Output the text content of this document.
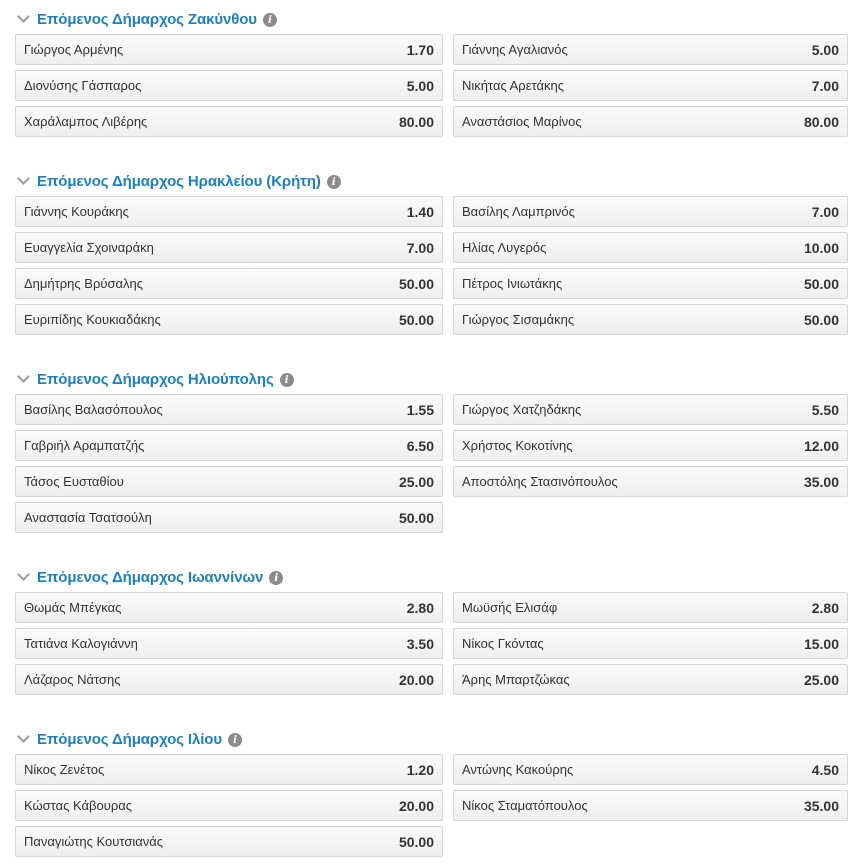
Επόμενος Δήμαρχος Ζακύνθου	i
Γιώργος Αρμένης	1.70
Διονύσης Γάσπαρος	5.00
Χαράλαμπος Λιβέρης	80.00
Γιάννης Αγαλιανός	5.00
Νικήτας Αρετάκης	7.00
Αναστάσιος Μαρίνος	80.00
Επόμενος Δήμαρχος Ηρακλείου (Κρήτη)	i
Γιάννης Κουράκης	1.40
Ευαγγελία Σχοιναράκη	7.00
Δημήτρης Βρύσαλης	50.00
Ευριπίδης Κουκιαδάκης	50.00
Βασίλης Λαμπρινός	7.00
Ηλίας Λυγερός	10.00
Πέτρος Ινιωτάκης	50.00
Γιώργος Σισαμάκης	50.00
Επόμενος Δήμαρχος Ηλιούπολης	i
Βασίλης Βαλασόπουλος	1.55
Γαβριήλ Αραμπατζής	6.50
Τάσος Ευσταθίου	25.00
Αναστασία Τσατσούλη	50.00
Γιώργος Χατζηδάκης	5.50
Χρήστος Κοκοτίνης	12.00
Αποστόλης Στασινόπουλος	35.00
Επόμενος Δήμαρχος Ιωαννίνων	i
Θωμάς Μπέγκας	2.80
Τατιάνα Καλογιάννη	3.50
Λάζαρος Νάτσης	20.00
Μωϋσής Ελισάφ	2.80
Νίκος Γκόντας	15.00
Άρης Μπαρτζώκας	25.00
Επόμενος Δήμαρχος Ιλίου	i
Νίκος Ζενέτος	1.20
Κώστας Κάβουρας	20.00
Παναγιώτης Κουτσιανάς	50.00
Αντώνης Κακούρης	4.50
Νίκος Σταματόπουλος	35.00
